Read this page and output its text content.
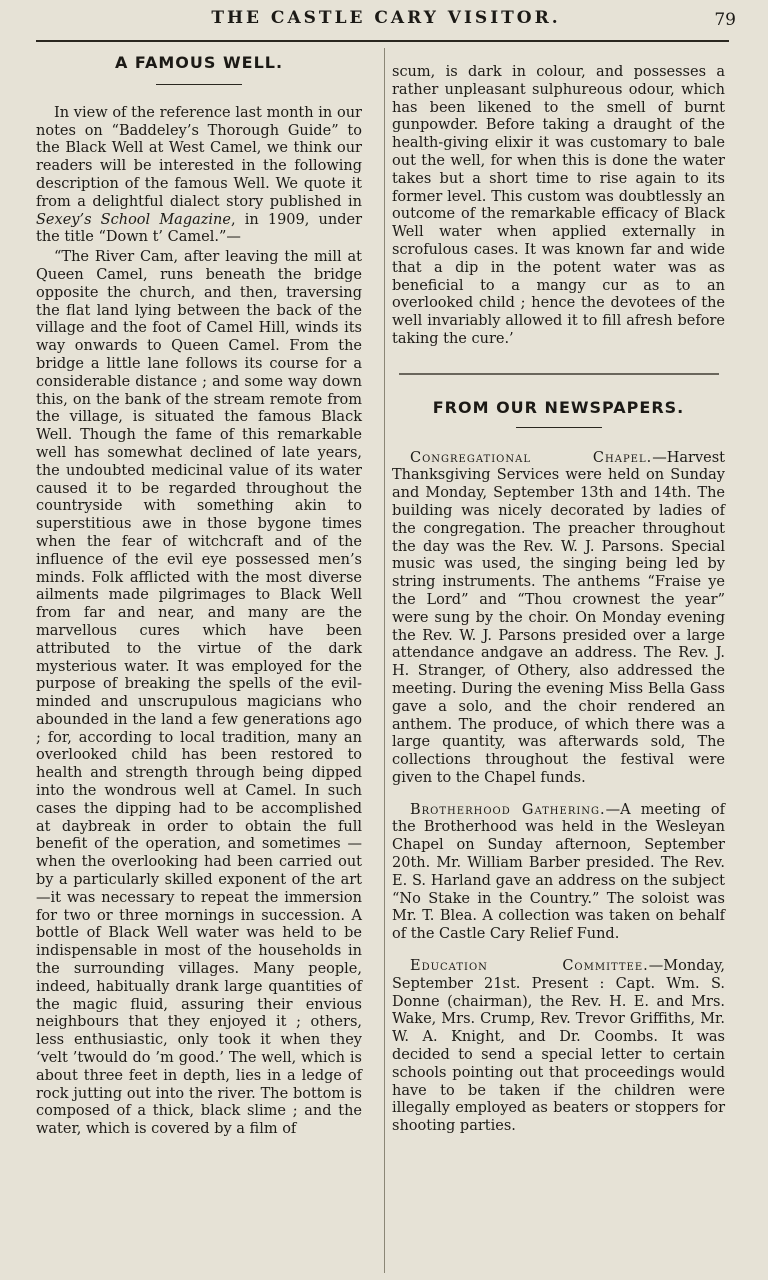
THE CASTLE CARY VISITOR.	79
A FAMOUS WELL.

In view of the reference last month in our notes on “Baddeley’s Thorough Guide” to the Black Well at West Camel, we think our readers will be interested in the following description of the famous Well. We quote it from a delightful dialect story published in Sexey’s School Magazine, in 1909, under the title “Down t’ Camel.”—

“The River Cam, after leaving the mill at Queen Camel, runs beneath the bridge opposite the church, and then, traversing the flat land lying between the back of the village and the foot of Camel Hill, winds its way onwards to Queen Camel. From the bridge a little lane follows its course for a considerable distance ; and some way down this, on the bank of the stream remote from the village, is situated the famous Black Well. Though the fame of this remarkable well has somewhat declined of late years, the undoubted medicinal value of its water caused it to be regarded throughout the countryside with something akin to superstitious awe in those bygone times when the fear of witchcraft and of the influence of the evil eye possessed men’s minds. Folk afflicted with the most diverse ailments made pilgrimages to Black Well from far and near, and many are the marvellous cures which have been attributed to the virtue of the dark mysterious water. It was employed for the purpose of breaking the spells of the evil-minded and unscrupulous magicians who abounded in the land a few generations ago ; for, according to local tradition, many an overlooked child has been restored to health and strength through being dipped into the wondrous well at Camel. In such cases the dipping had to be accomplished at daybreak in order to obtain the full benefit of the operation, and sometimes —when the overlooking had been carried out by a particularly skilled exponent of the art—it was necessary to repeat the immersion for two or three mornings in succession. A bottle of Black Well water was held to be indispensable in most of the households in the surrounding villages. Many people, indeed, habitually drank large quantities of the magic fluid, assuring their envious neighbours that they enjoyed it ; others, less enthusiastic, only took it when they ‘velt ’twould do ’m good.’ The well, which is about three feet in depth, lies in a ledge of rock jutting out into the river. The bottom is composed of a thick, black slime ; and the water, which is covered by a film of

scum, is dark in colour, and possesses a rather unpleasant sulphureous odour, which has been likened to the smell of burnt gunpowder. Before taking a draught of the health-giving elixir it was customary to bale out the well, for when this is done the water takes but a short time to rise again to its former level. This custom was doubtlessly an outcome of the remarkable efficacy of Black Well water when applied externally in scrofulous cases. It was known far and wide that a dip in the potent water was as beneficial to a mangy cur as to an overlooked child ; hence the devotees of the well invariably allowed it to fill afresh before taking the cure.’

FROM OUR NEWSPAPERS.

Congregational Chapel.—Harvest Thanksgiving Services were held on Sunday and Monday, September 13th and 14th. The building was nicely decorated by ladies of the congregation. The preacher throughout the day was the Rev. W. J. Parsons. Special music was used, the singing being led by string instruments. The anthems “Fraise ye the Lord” and “Thou crownest the year” were sung by the choir. On Monday evening the Rev. W. J. Parsons presided over a large attendance andgave an address. The Rev. J. H. Stranger, of Othery, also addressed the meeting. During the evening Miss Bella Gass gave a solo, and the choir rendered an anthem. The produce, of which there was a large quantity, was afterwards sold, The collections throughout the festival were given to the Chapel funds.

Brotherhood Gathering.—A meeting of the Brotherhood was held in the Wesleyan Chapel on Sunday afternoon, September 20th. Mr. William Barber presided. The Rev. E. S. Harland gave an address on the subject “No Stake in the Country.” The soloist was Mr. T. Blea. A collection was taken on behalf of the Castle Cary Relief Fund.

Education Committee.—Monday, September 21st. Present : Capt. Wm. S. Donne (chairman), the Rev. H. E. and Mrs. Wake, Mrs. Crump, Rev. Trevor Griffiths, Mr. W. A. Knight, and Dr. Coombs. It was decided to send a special letter to certain schools pointing out that proceedings would have to be taken if the children were illegally employed as beaters or stoppers for shooting parties.
